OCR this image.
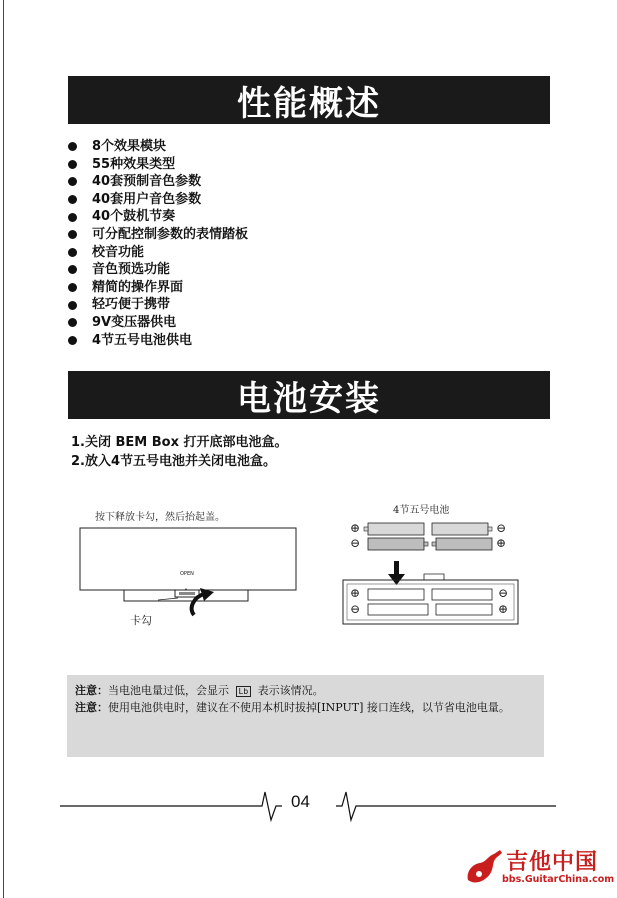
性能概述
8个效果模块
55种效果类型
40套预制音色参数
40套用户音色参数
40个鼓机节奏
可分配控制参数的表情踏板
校音功能
音色预选功能
精简的操作界面
轻巧便于携带
9V变压器供电
4节五号电池供电
电池安装
1.关闭 BEM Box 打开底部电池盒。
2.放入4节五号电池并关闭电池盒。
按下释放卡勾，然后抬起盖。
OPEN
卡勾
4节五号电池
⊕
⊖
⊖
⊕
⊕
⊖
⊖
⊕
注意：当电池电量过低，会显示 Lb 表示该情况。
注意：使用电池供电时，建议在不使用本机时拔掉[INPUT] 接口连线，以节省电池电量。
04
吉他中国
bbs.GuitarChina.com
